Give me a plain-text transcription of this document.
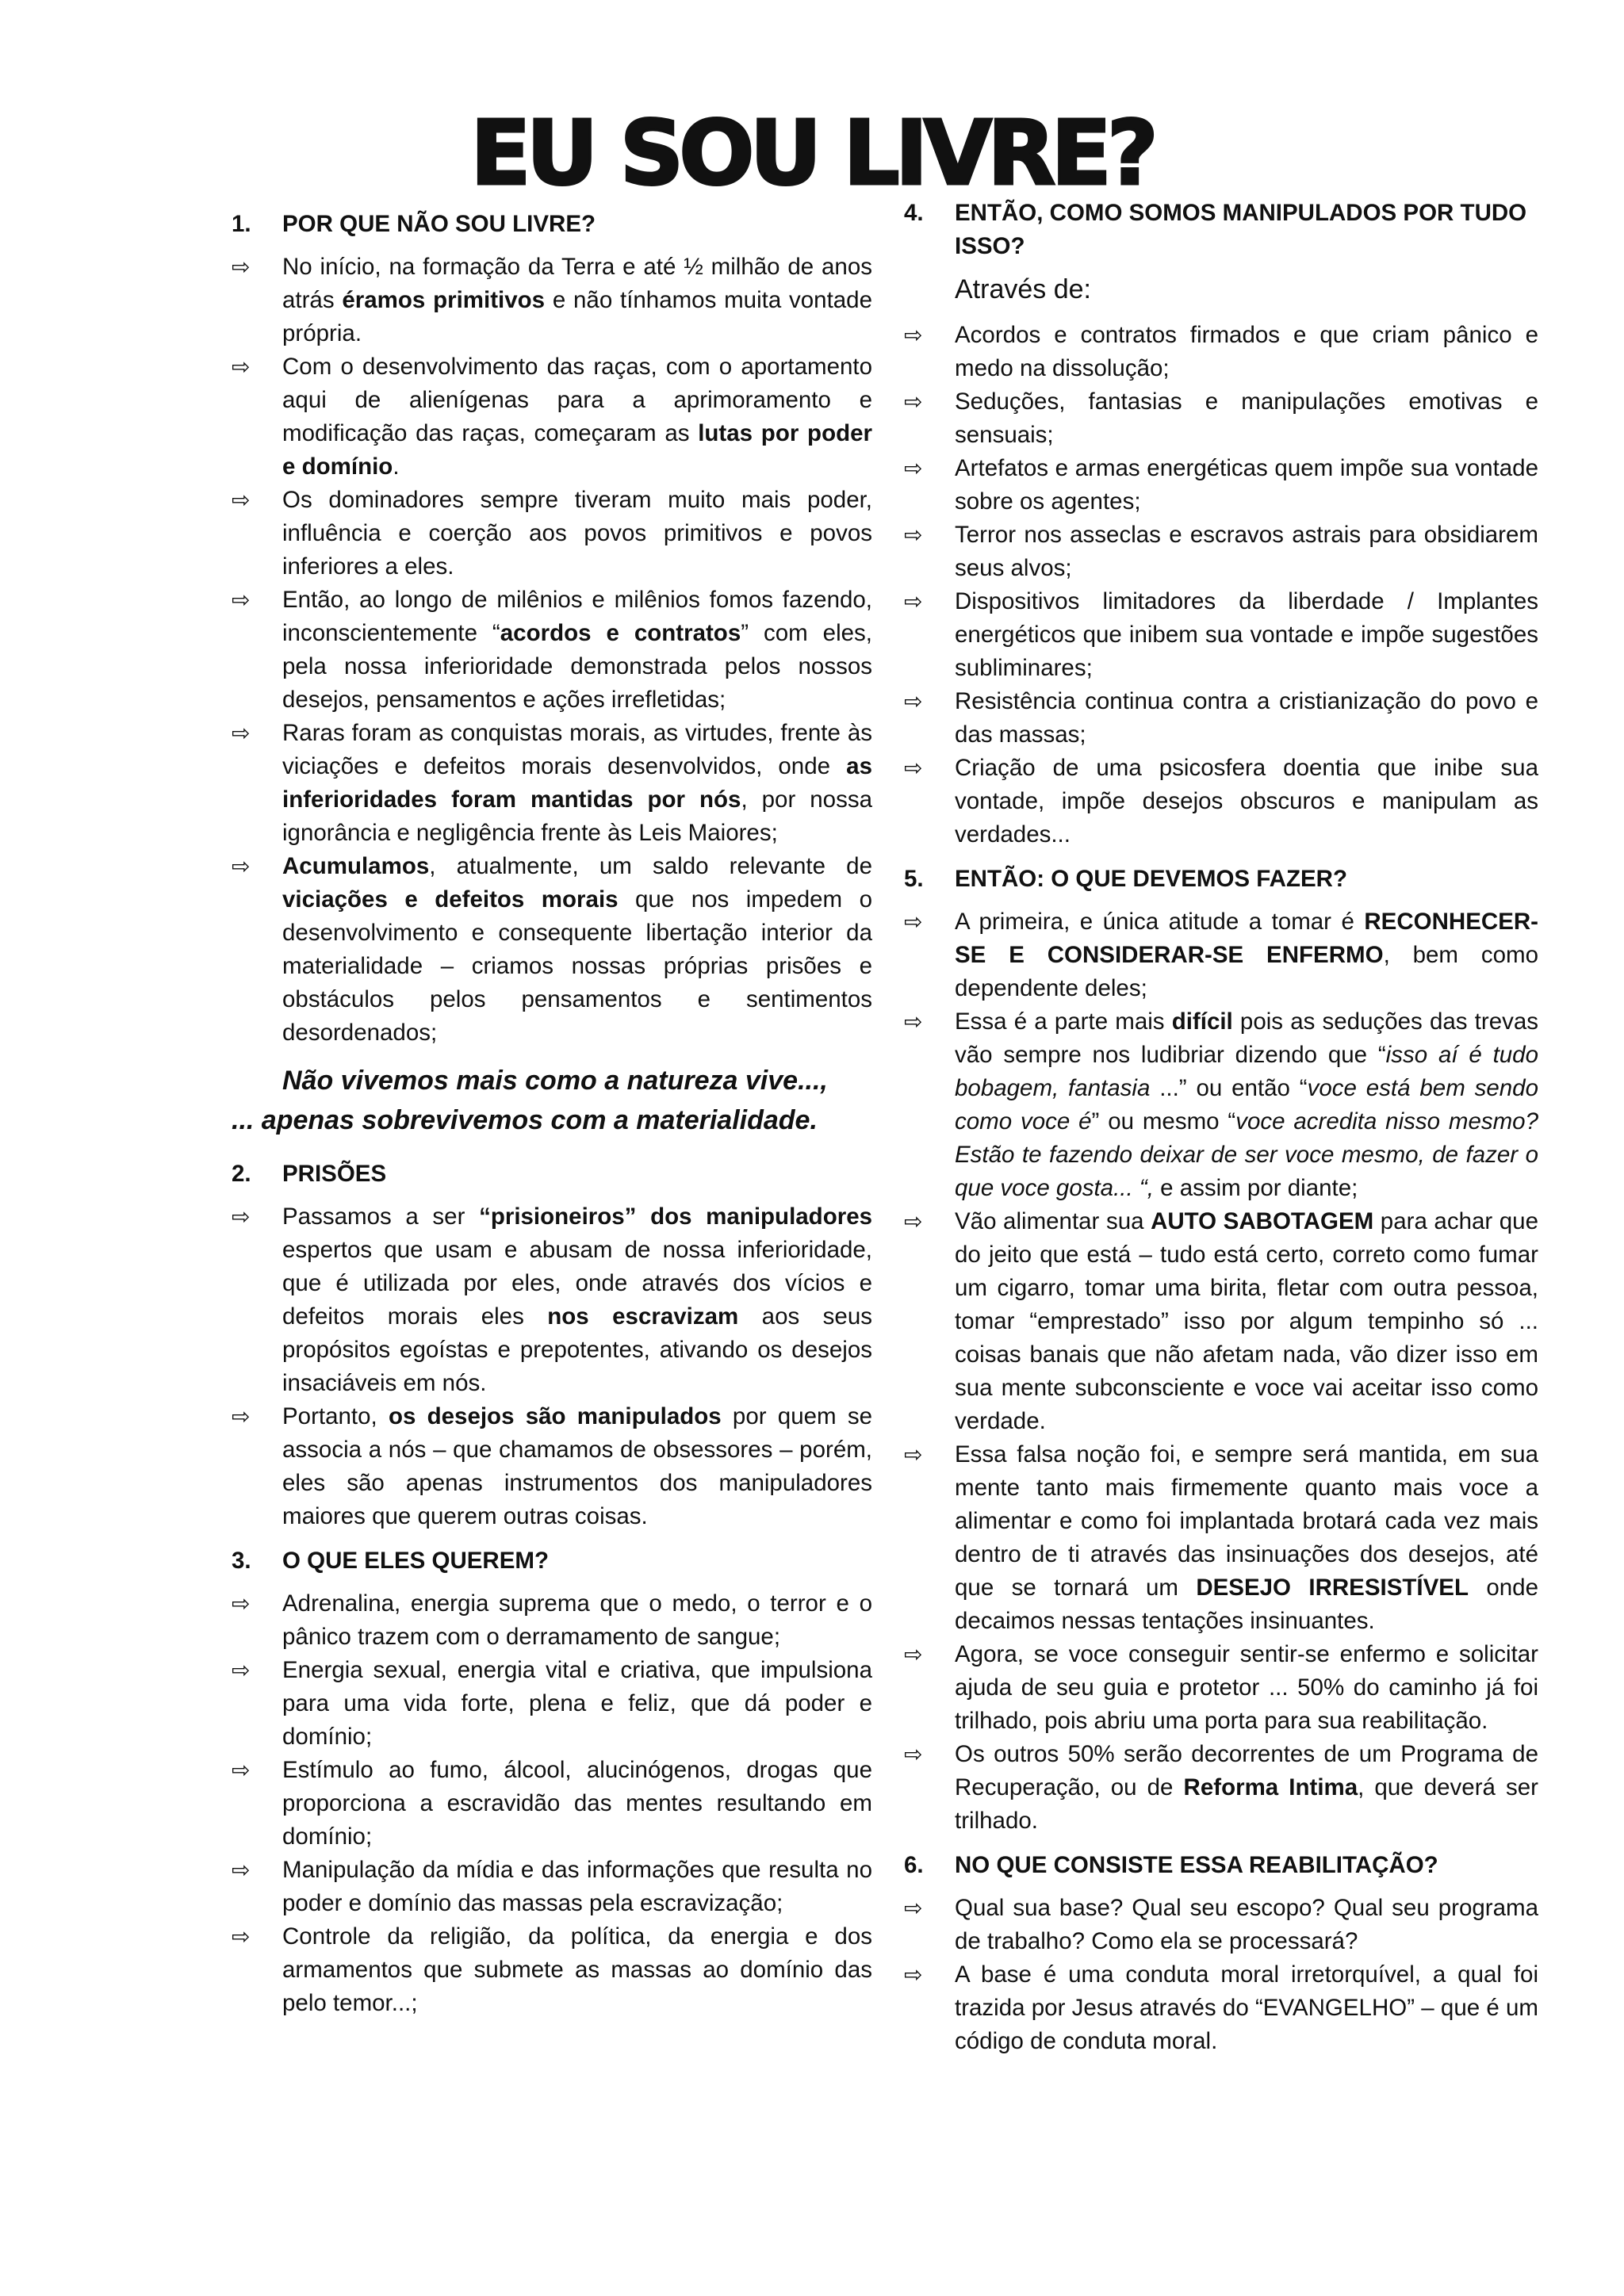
EU SOU LIVRE?
1.	POR QUE NÃO SOU LIVRE?
⇨	No início, na formação da Terra e até ½ milhão de anos atrás éramos primitivos e não tínhamos muita vontade própria.
⇨	Com o desenvolvimento das raças, com o aportamento aqui de alienígenas para a aprimoramento e modificação das raças, começaram as lutas por poder e domínio.
⇨	Os dominadores sempre tiveram muito mais poder, influência e coerção aos povos primitivos e povos inferiores a eles.
⇨	Então, ao longo de milênios e milênios fomos fazendo, inconscientemente “acordos e contratos” com eles, pela nossa inferioridade demonstrada pelos nossos desejos, pensamentos e ações irrefletidas;
⇨	Raras foram as conquistas morais, as virtudes, frente às viciações e defeitos morais desenvolvidos, onde as inferioridades foram mantidas por nós, por nossa ignorância e negligência frente às Leis Maiores;
⇨	Acumulamos, atualmente, um saldo relevante de viciações e defeitos morais que nos impedem o desenvolvimento e consequente libertação interior da materialidade – criamos nossas próprias prisões e obstáculos pelos pensamentos e sentimentos desordenados;
Não vivemos mais como a natureza vive...,
... apenas sobrevivemos com a materialidade.
2.	PRISÕES
⇨	Passamos a ser “prisioneiros” dos manipuladores espertos que usam e abusam de nossa inferioridade, que é utilizada por eles, onde através dos vícios e defeitos morais eles nos escravizam aos seus propósitos egoístas e prepotentes, ativando os desejos insaciáveis em nós.
⇨	Portanto, os desejos são manipulados por quem se associa a nós – que chamamos de obsessores – porém, eles são apenas instrumentos dos manipuladores maiores que querem outras coisas.
3.	O QUE ELES QUEREM?
⇨	Adrenalina, energia suprema que o medo, o terror e o pânico trazem com o derramamento de sangue;
⇨	Energia sexual, energia vital e criativa, que impulsiona para uma vida forte, plena e feliz, que dá poder e domínio;
⇨	Estímulo ao fumo, álcool, alucinógenos, drogas que proporciona a escravidão das mentes resultando em domínio;
⇨	Manipulação da mídia e das informações que resulta no poder e domínio das massas pela escravização;
⇨	Controle da religião, da política, da energia e dos armamentos que submete as massas ao domínio das pelo temor...;
4.	ENTÃO, COMO SOMOS MANIPULADOS POR TUDO ISSO?
Através de:
⇨	Acordos e contratos firmados e que criam pânico e medo na dissolução;
⇨	Seduções, fantasias e manipulações emotivas e sensuais;
⇨	Artefatos e armas energéticas quem impõe sua vontade sobre os agentes;
⇨	Terror nos asseclas e escravos astrais para obsidiarem seus alvos;
⇨	Dispositivos limitadores da liberdade / Implantes energéticos que inibem sua vontade e impõe sugestões subliminares;
⇨	Resistência continua contra a cristianização do povo e das massas;
⇨	Criação de uma psicosfera doentia que inibe sua vontade, impõe desejos obscuros e manipulam as verdades...
5.	ENTÃO: O QUE DEVEMOS FAZER?
⇨	A primeira, e única atitude a tomar é RECONHECER-SE E CONSIDERAR-SE ENFERMO, bem como dependente deles;
⇨	Essa é a parte mais difícil pois as seduções das trevas vão sempre nos ludibriar dizendo que “isso aí é tudo bobagem, fantasia ...” ou então “voce está bem sendo como voce é” ou mesmo “voce acredita nisso mesmo? Estão te fazendo deixar de ser voce mesmo, de fazer o que voce gosta... “, e assim por diante;
⇨	Vão alimentar sua AUTO SABOTAGEM para achar que do jeito que está – tudo está certo, correto como fumar um cigarro, tomar uma birita, fletar com outra pessoa, tomar “emprestado” isso por algum tempinho só ... coisas banais que não afetam nada, vão dizer isso em sua mente subconsciente e voce vai aceitar isso como verdade.
⇨	Essa falsa noção foi, e sempre será mantida, em sua mente tanto mais firmemente quanto mais voce a alimentar e como foi implantada brotará cada vez mais dentro de ti através das insinuações dos desejos, até que se tornará um DESEJO IRRESISTÍVEL onde decaimos nessas tentações insinuantes.
⇨	Agora, se voce conseguir sentir-se enfermo e solicitar ajuda de seu guia e protetor ... 50% do caminho já foi trilhado, pois abriu uma porta para sua reabilitação.
⇨	Os outros 50% serão decorrentes de um Programa de Recuperação, ou de Reforma Intima, que deverá ser trilhado.
6.	NO QUE CONSISTE ESSA REABILITAÇÃO?
⇨	Qual sua base? Qual seu escopo? Qual seu programa de trabalho? Como ela se processará?
⇨	A base é uma conduta moral irretorquível, a qual foi trazida por Jesus através do “EVANGELHO” – que é um código de conduta moral.
